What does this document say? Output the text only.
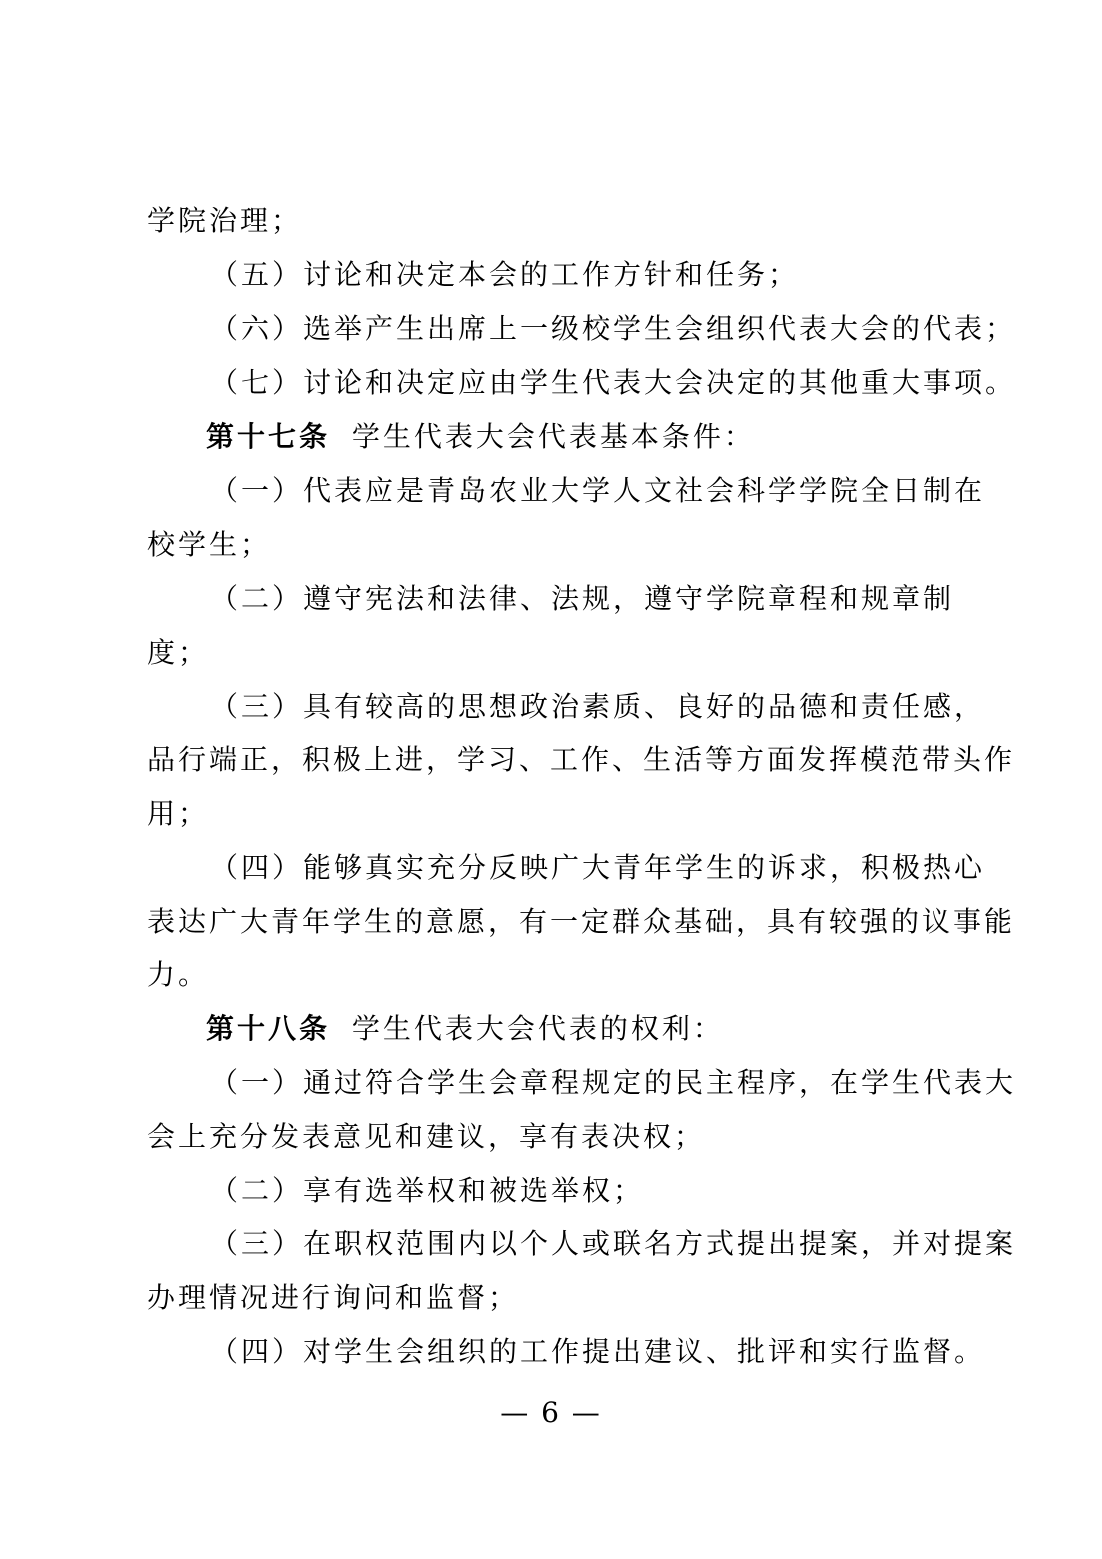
学院治理；
（五）讨论和决定本会的工作方针和任务；
（六）选举产生出席上一级校学生会组织代表大会的代表；
（七）讨论和决定应由学生代表大会决定的其他重大事项。
第十七条 学生代表大会代表基本条件：
（一）代表应是青岛农业大学人文社会科学学院全日制在
校学生；
（二）遵守宪法和法律、法规，遵守学院章程和规章制
度；
（三）具有较高的思想政治素质、良好的品德和责任感，
品行端正，积极上进，学习、工作、生活等方面发挥模范带头作
用；
（四）能够真实充分反映广大青年学生的诉求，积极热心
表达广大青年学生的意愿，有一定群众基础，具有较强的议事能
力。
第十八条 学生代表大会代表的权利：
（一）通过符合学生会章程规定的民主程序，在学生代表大
会上充分发表意见和建议，享有表决权；
（二）享有选举权和被选举权；
（三）在职权范围内以个人或联名方式提出提案，并对提案
办理情况进行询问和监督；
（四）对学生会组织的工作提出建议、批评和实行监督。
— 6 —
